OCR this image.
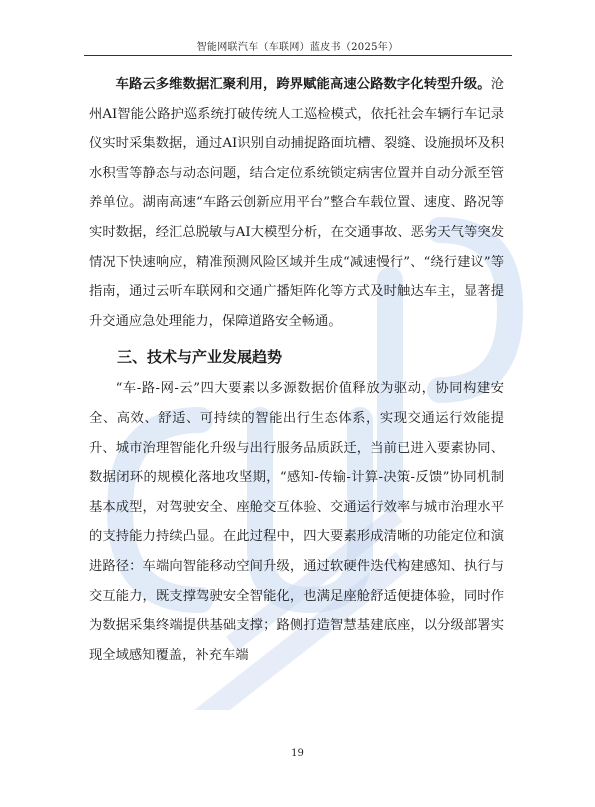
智能网联汽车（车联网）蓝皮书（2025年）

车路云多维数据汇聚利用，跨界赋能高速公路数字化转型升级。沧州AI智能公路护巡系统打破传统人工巡检模式，依托社会车辆行车记录仪实时采集数据，通过AI识别自动捕捉路面坑槽、裂缝、设施损坏及积水积雪等静态与动态问题，结合定位系统锁定病害位置并自动分派至管养单位。湖南高速“车路云创新应用平台”整合车载位置、速度、路况等实时数据，经汇总脱敏与AI大模型分析，在交通事故、恶劣天气等突发情况下快速响应，精准预测风险区域并生成“减速慢行”、“绕行建议”等指南，通过云听车联网和交通广播矩阵化等方式及时触达车主，显著提升交通应急处理能力，保障道路安全畅通。

三、技术与产业发展趋势

“车-路-网-云”四大要素以多源数据价值释放为驱动，协同构建安全、高效、舒适、可持续的智能出行生态体系，实现交通运行效能提升、城市治理智能化升级与出行服务品质跃迁，当前已进入要素协同、数据闭环的规模化落地攻坚期，“感知-传输-计算-决策-反馈”协同机制基本成型，对驾驶安全、座舱交互体验、交通运行效率与城市治理水平的支持能力持续凸显。在此过程中，四大要素形成清晰的功能定位和演进路径：车端向智能移动空间升级，通过软硬件迭代构建感知、执行与交互能力，既支撑驾驶安全智能化，也满足座舱舒适便捷体验，同时作为数据采集终端提供基础支撑；路侧打造智慧基建底座，以分级部署实现全域感知覆盖，补充车端

19
